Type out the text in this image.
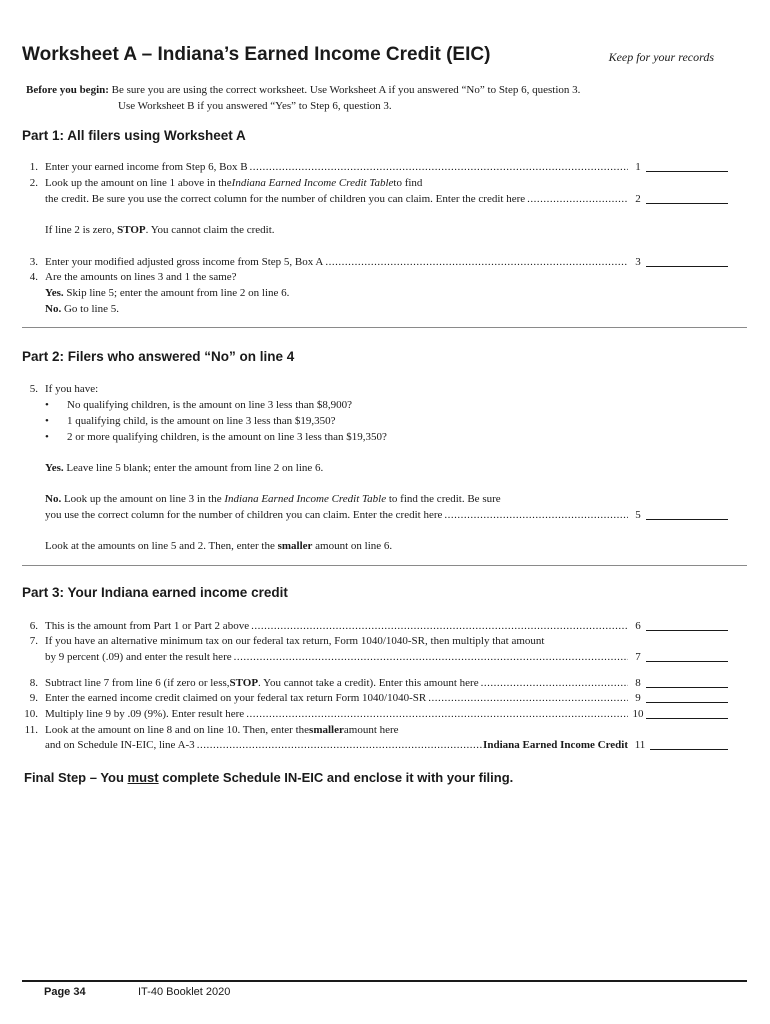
Worksheet A – Indiana’s Earned Income Credit (EIC)	Keep for your records
Before you begin: Be sure you are using the correct worksheet. Use Worksheet A if you answered “No” to Step 6, question 3.
Use Worksheet B if you answered “Yes” to Step 6, question 3.
Part 1: All filers using Worksheet A
1. Enter your earned income from Step 6, Box B .....	1
2. Look up the amount on line 1 above in the Indiana Earned Income Credit Table to find
the credit. Be sure you use the correct column for the number of children you can claim. Enter the credit here .....	2
If line 2 is zero, STOP. You cannot claim the credit.
3. Enter your modified adjusted gross income from Step 5, Box A .....	3
4. Are the amounts on lines 3 and 1 the same?
Yes. Skip line 5; enter the amount from line 2 on line 6.
No. Go to line 5.
Part 2: Filers who answered “No” on line 4
5. If you have:
• No qualifying children, is the amount on line 3 less than $8,900?
• 1 qualifying child, is the amount on line 3 less than $19,350?
• 2 or more qualifying children, is the amount on line 3 less than $19,350?
Yes. Leave line 5 blank; enter the amount from line 2 on line 6.
No. Look up the amount on line 3 in the Indiana Earned Income Credit Table to find the credit. Be sure
you use the correct column for the number of children you can claim. Enter the credit here .....	5
Look at the amounts on line 5 and 2. Then, enter the smaller amount on line 6.
Part 3: Your Indiana earned income credit
6. This is the amount from Part 1 or Part 2 above .....	6
7. If you have an alternative minimum tax on our federal tax return, Form 1040/1040-SR, then multiply that amount
by 9 percent (.09) and enter the result here .....	7
8. Subtract line 7 from line 6 (if zero or less, STOP . You cannot take a credit). Enter this amount here .....	8
9. Enter the earned income credit claimed on your federal tax return Form 1040/1040-SR .....	9
10. Multiply line 9 by .09 (9%). Enter result here .....	10
11. Look at the amount on line 8 and on line 10. Then, enter the smaller amount here
and on Schedule IN-EIC, line A-3 .....	Indiana Earned Income Credit 11
Final Step – You must complete Schedule IN-EIC and enclose it with your filing.
Page 34	IT-40 Booklet 2020
